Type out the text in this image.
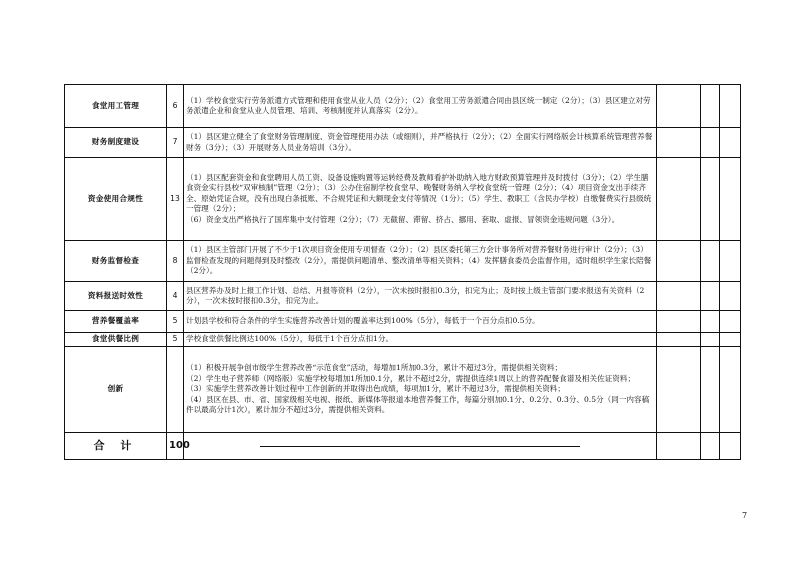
食堂用工管理	6	（1）学校食堂实行劳务派遣方式管理和使用食堂从业人员（2分）；（2）食堂用工劳务派遣合同由县区统一制定（2分）；（3）县区建立对劳务派遣企业和食堂从业人员管理、培训、考核制度并认真落实（2分）。			

财务制度建设	7	（1）县区建立健全了食堂财务管理制度、资金管理使用办法（或细则），并严格执行（2分）；（2）全面实行网络版会计核算系统管理营养餐财务（3分）；（3）开展财务人员业务培训（3分）。			

资金使用合规性	13	（1）县区配套资金和食堂聘用人员工资、设备设施购置等运转经费及教师看护补助纳入地方财政预算管理并及时拨付（3分）；（2）学生膳食资金实行县校“双审核制”管理（2分）；（3）公办住宿制学校食堂早、晚餐财务纳入学校食堂统一管理（2分）；（4）项目资金支出手续齐全、原始凭证合规，没有出现白条抵账、不合规凭证和大额现金支付等情况（1分）；（5）学生、教职工（含民办学校）自缴餐费实行县级统一管理（2分）；

（6）资金支出严格执行了国库集中支付管理（2分）；（7）无截留、滞留、挤占、挪用、套取、虚报、冒领资金违规问题（3分）。			

财务监督检查	8	（1）县区主管部门开展了不少于1次项目资金使用专项督查（2分）；（2）县区委托第三方会计事务所对营养餐财务进行审计（2分）；（3）监督检查发现的问题得到及时整改（2分），需提供问题清单、整改清单等相关资料；（4）发挥膳食委员会监督作用，适时组织学生家长陪餐（2分）。			

资料报送时效性	4	县区营养办及时上报工作计划、总结、月报等资料（2分），一次未按时报扣0.3分，扣完为止；及时按上级主管部门要求报送有关资料（2分），一次未按时报扣0.3分，扣完为止。			

营养餐覆盖率	5	计划县学校和符合条件的学生实施营养改善计划的覆盖率达到100%（5分），每低于一个百分点扣0.5分。			

食堂供餐比例	5	学校食堂供餐比例达100%（5分），每低于1个百分点扣1分。			

创新		（1）积极开展争创市级学生营养改善“示范食堂”活动，每增加1所加0.3分，累计不超过3分，需提供相关资料；

（2）学生电子营养师（网络版）实施学校每增加1所加0.1分，累计不超过2分，需提供连续1周以上的营养配餐食谱及相关佐证资料；

（3）实施学生营养改善计划过程中工作创新的并取得出色成绩，每项加1分，累计不超过3分，需提供相关资料；

（4）县区在县、市、省、国家级相关电视、报纸、新媒体等报道本地营养餐工作，每篇分别加0.1分、0.2分、0.3分、0.5分（同一内容稿件以最高分计1次），累计加分不超过3分，需提供相关资料。			

合 计	100	

7
